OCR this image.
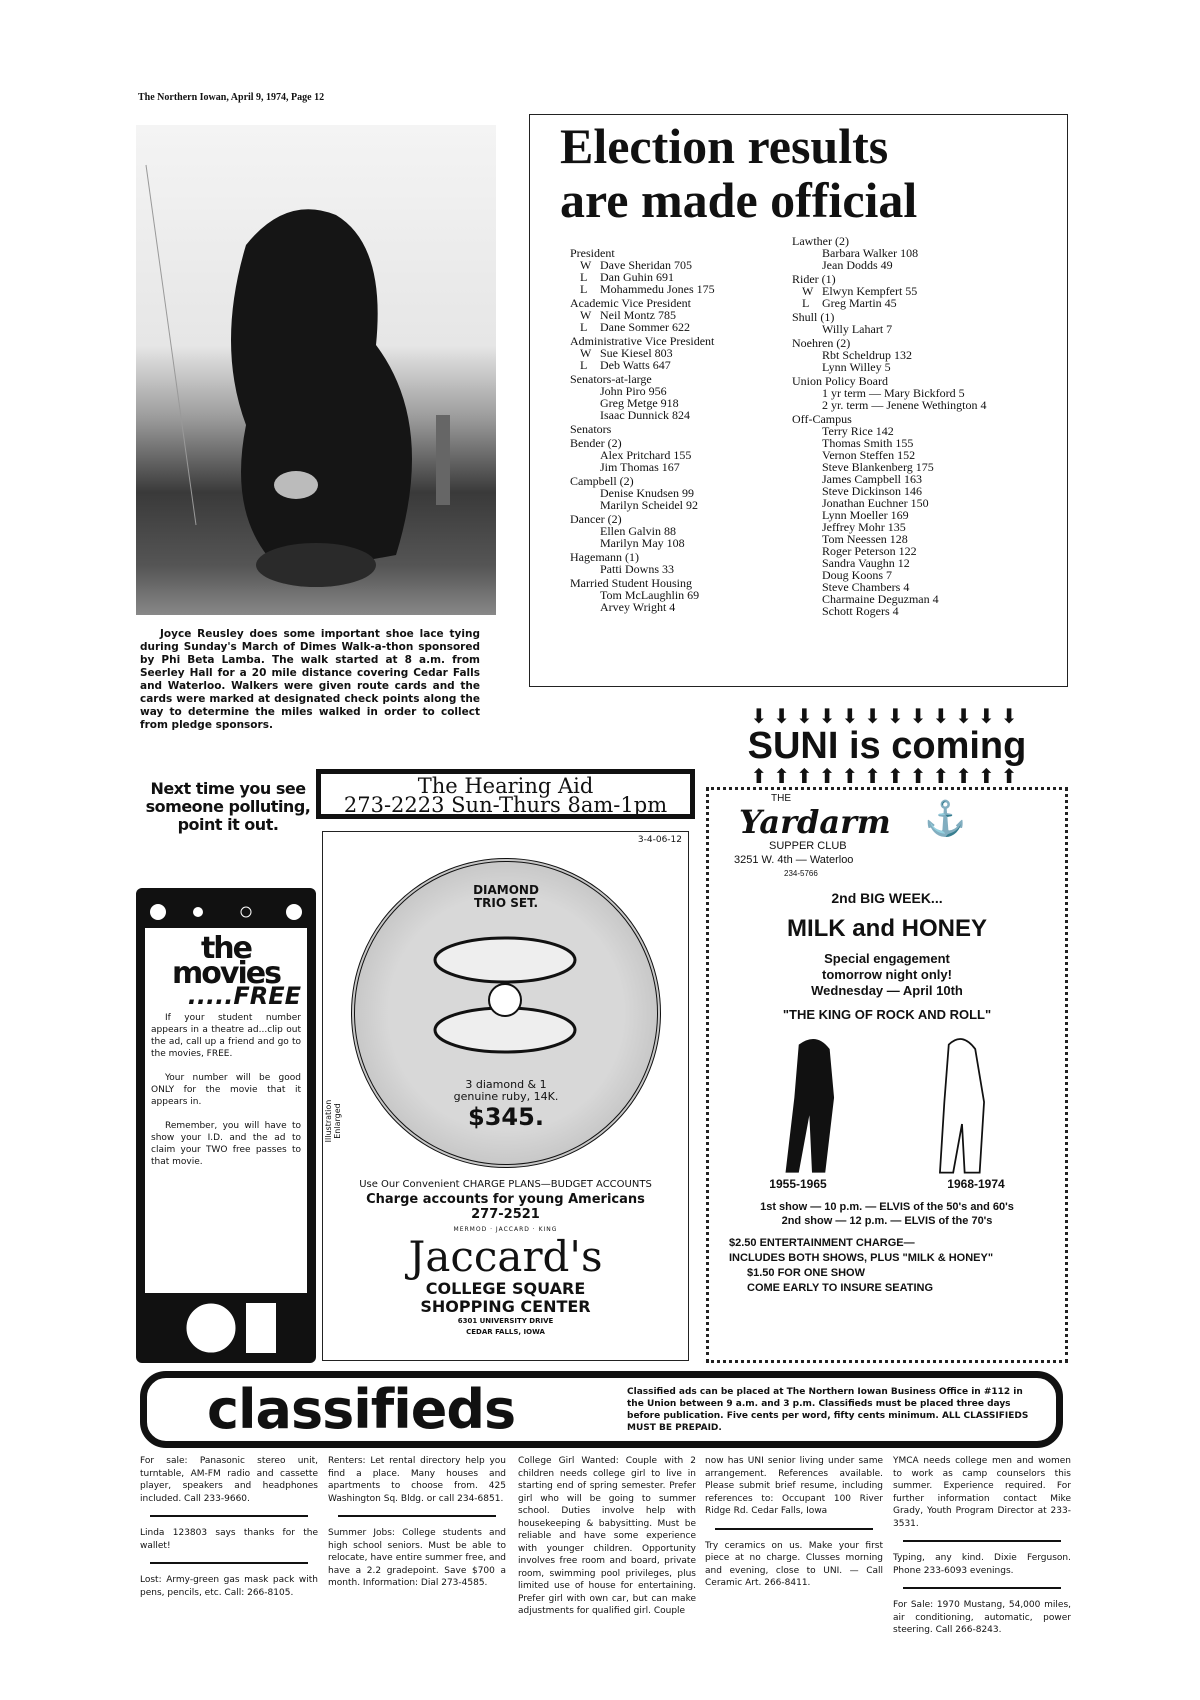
The Northern Iowan, April 9, 1974, Page 12
Joyce Reusley does some important shoe lace tying during Sunday's March of Dimes Walk-a-thon sponsored by Phi Beta Lamba. The walk started at 8 a.m. from Seerley Hall for a 20 mile distance covering Cedar Falls and Waterloo. Walkers were given route cards and the cards were marked at designated check points along the way to determine the miles walked in order to collect from pledge sponsors.
Election results
are made official
President
W Dave Sheridan 705
L Dan Guhin 691
L Mohammedu Jones 175
Academic Vice President
W Neil Montz 785
L Dane Sommer 622
Administrative Vice President
W Sue Kiesel 803
L Deb Watts 647
Senators-at-large
John Piro 956
Greg Metge 918
Isaac Dunnick 824
Senators
Bender (2)
Alex Pritchard 155
Jim Thomas 167
Campbell (2)
Denise Knudsen 99
Marilyn Scheidel 92
Dancer (2)
Ellen Galvin 88
Marilyn May 108
Hagemann (1)
Patti Downs 33
Married Student Housing
Tom McLaughlin 69
Arvey Wright 4
Lawther (2)
Barbara Walker 108
Jean Dodds 49
Rider (1)
W Elwyn Kempfert 55
L Greg Martin 45
Shull (1)
Willy Lahart 7
Noehren (2)
Rbt Scheldrup 132
Lynn Willey 5
Union Policy Board
1 yr term — Mary Bickford 5
2 yr. term — Jenene Wethington 4
Off-Campus
Terry Rice 142
Thomas Smith 155
Vernon Steffen 152
Steve Blankenberg 175
James Campbell 163
Steve Dickinson 146
Jonathan Euchner 150
Lynn Moeller 169
Jeffrey Mohr 135
Tom Neessen 128
Roger Peterson 122
Sandra Vaughn 12
Doug Koons 7
Steve Chambers 4
Charmaine Deguzman 4
Schott Rogers 4
Next time you see someone polluting, point it out.
the
movies
.....FREE

If your student number appears in a theatre ad...clip out the ad, call up a friend and go to the movies, FREE.

Your number will be good ONLY for the movie that it appears in.

Remember, you will have to show your I.D. and the ad to claim your TWO free passes to that movie.

The Hearing Aid
273-2223 Sun-Thurs 8am-1pm
3-4-06-12
DIAMOND
TRIO SET.
3 diamond & 1
genuine ruby, 14K.
$345.
Illustration Enlarged
Use Our Convenient CHARGE PLANS—BUDGET ACCOUNTS
Charge accounts for young Americans
277-2521
MERMOD · JACCARD · KING
Jaccard's
COLLEGE SQUARE
SHOPPING CENTER
6301 UNIVERSITY DRIVE
CEDAR FALLS, IOWA
⬇⬇⬇⬇⬇⬇⬇⬇⬇⬇⬇⬇
SUNI is coming
⬆⬆⬆⬆⬆⬆⬆⬆⬆⬆⬆⬆
THE
Yardarm ⚓
SUPPER CLUB
3251 W. 4th — Waterloo
234-5766
2nd BIG WEEK...
MILK and HONEY
Special engagement
tomorrow night only!
Wednesday — April 10th
"THE KING OF ROCK AND ROLL"
1955-1965	1968-1974
1st show — 10 p.m. — ELVIS of the 50's and 60's
2nd show — 12 p.m. — ELVIS of the 70's
$2.50 ENTERTAINMENT CHARGE—
INCLUDES BOTH SHOWS, PLUS "MILK & HONEY"
$1.50 FOR ONE SHOW
COME EARLY TO INSURE SEATING
classifieds	Classified ads can be placed at The Northern Iowan Business Office in #112 in the Union between 9 a.m. and 3 p.m. Classifieds must be placed three days before publication. Five cents per word, fifty cents minimum. ALL CLASSIFIEDS MUST BE PREPAID.
For sale: Panasonic stereo unit, turntable, AM-FM radio and cassette player, speakers and headphones included. Call 233-9660.
Linda 123803 says thanks for the wallet!
Lost: Army-green gas mask pack with pens, pencils, etc. Call: 266-8105.
Renters: Let rental directory help you find a place. Many houses and apartments to choose from. 425 Washington Sq. Bldg. or call 234-6851.
Summer Jobs: College students and high school seniors. Must be able to relocate, have entire summer free, and have a 2.2 gradepoint. Save $700 a month. Information: Dial 273-4585.
College Girl Wanted: Couple with 2 children needs college girl to live in starting end of spring semester. Prefer girl who will be going to summer school. Duties involve help with housekeeping & babysitting. Must be reliable and have some experience with younger children. Opportunity involves free room and board, private room, swimming pool privileges, plus limited use of house for entertaining. Prefer girl with own car, but can make adjustments for qualified girl. Couple
now has UNI senior living under same arrangement. References available. Please submit brief resume, including references to: Occupant 100 River Ridge Rd. Cedar Falls, Iowa
Try ceramics on us. Make your first piece at no charge. Clusses morning and evening, close to UNI. — Call Ceramic Art. 266-8411.
YMCA needs college men and women to work as camp counselors this summer. Experience required. For further information contact Mike Grady, Youth Program Director at 233-3531.
Typing, any kind. Dixie Ferguson. Phone 233-6093 evenings.
For Sale: 1970 Mustang, 54,000 miles, air conditioning, automatic, power steering. Call 266-8243.
